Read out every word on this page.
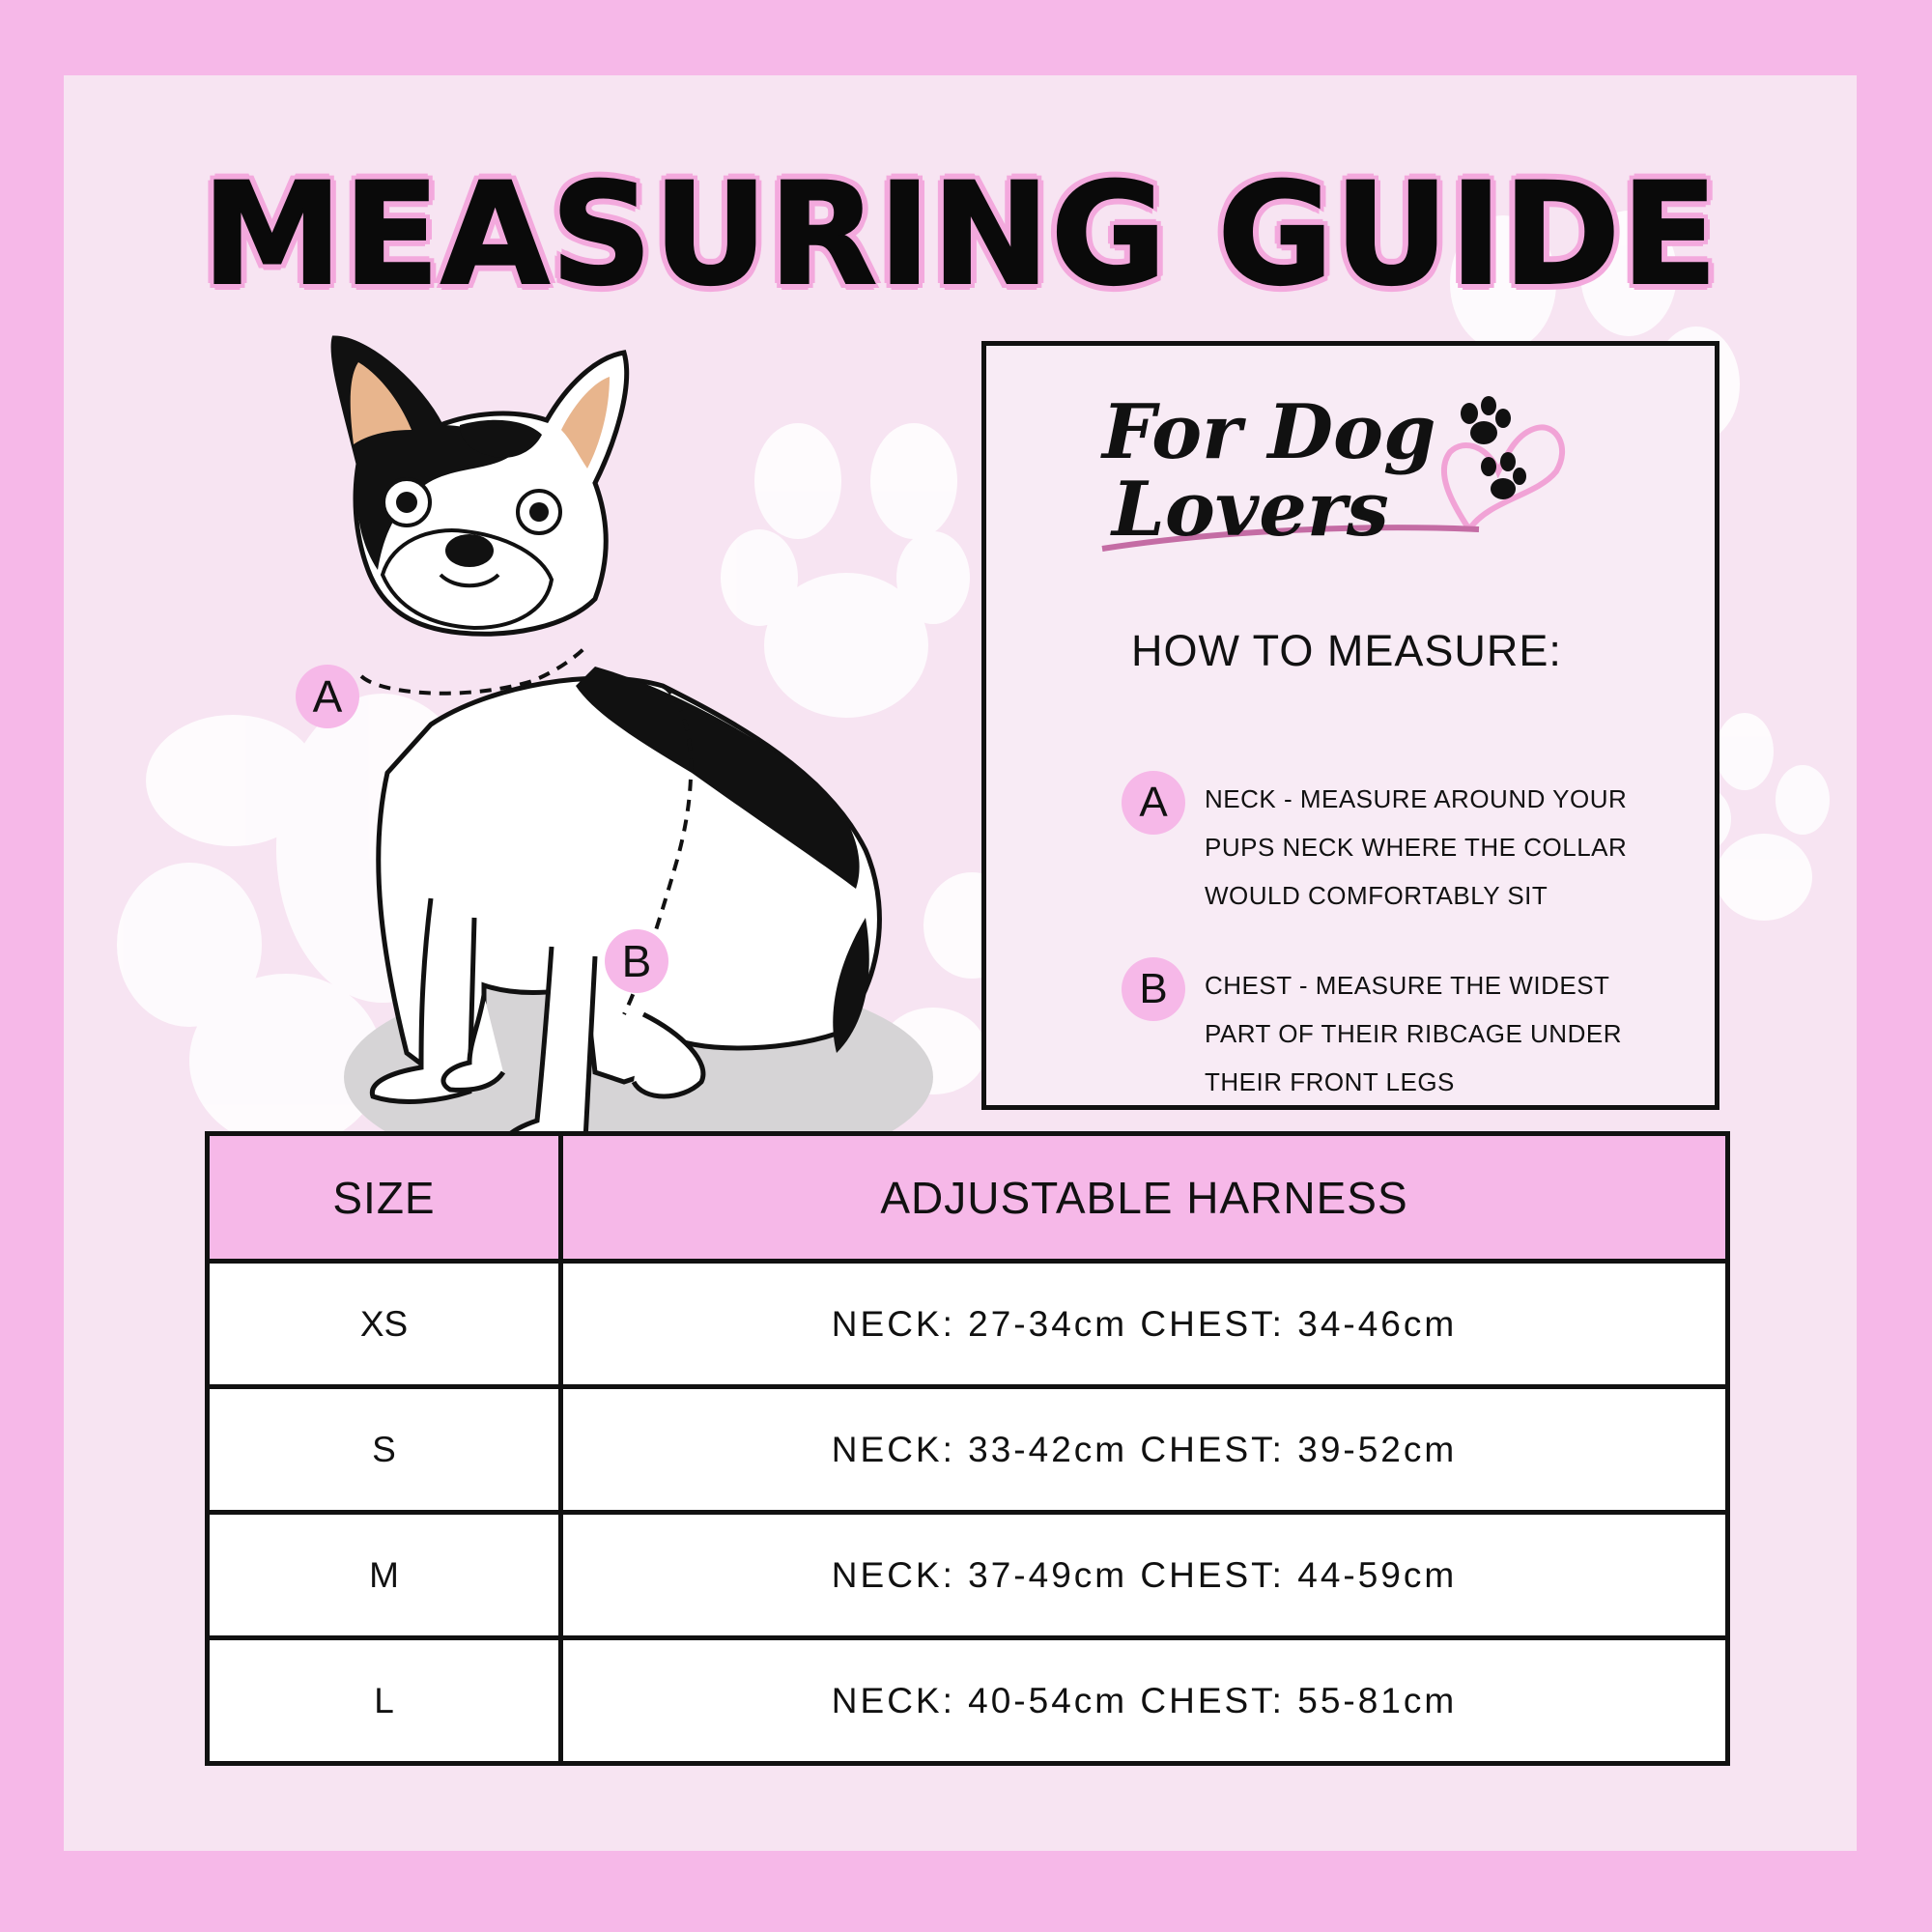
MEASURING GUIDE
A
B
For Dog
Lovers
HOW TO MEASURE:
A	NECK - MEASURE AROUND YOUR PUPS NECK WHERE THE COLLAR WOULD COMFORTABLY SIT
B	CHEST - MEASURE THE WIDEST PART OF THEIR RIBCAGE UNDER THEIR FRONT LEGS
SIZE	ADJUSTABLE HARNESS
XS	NECK: 27-34cm CHEST: 34-46cm
S	NECK: 33-42cm CHEST: 39-52cm
M	NECK: 37-49cm CHEST: 44-59cm
L	NECK: 40-54cm CHEST: 55-81cm
